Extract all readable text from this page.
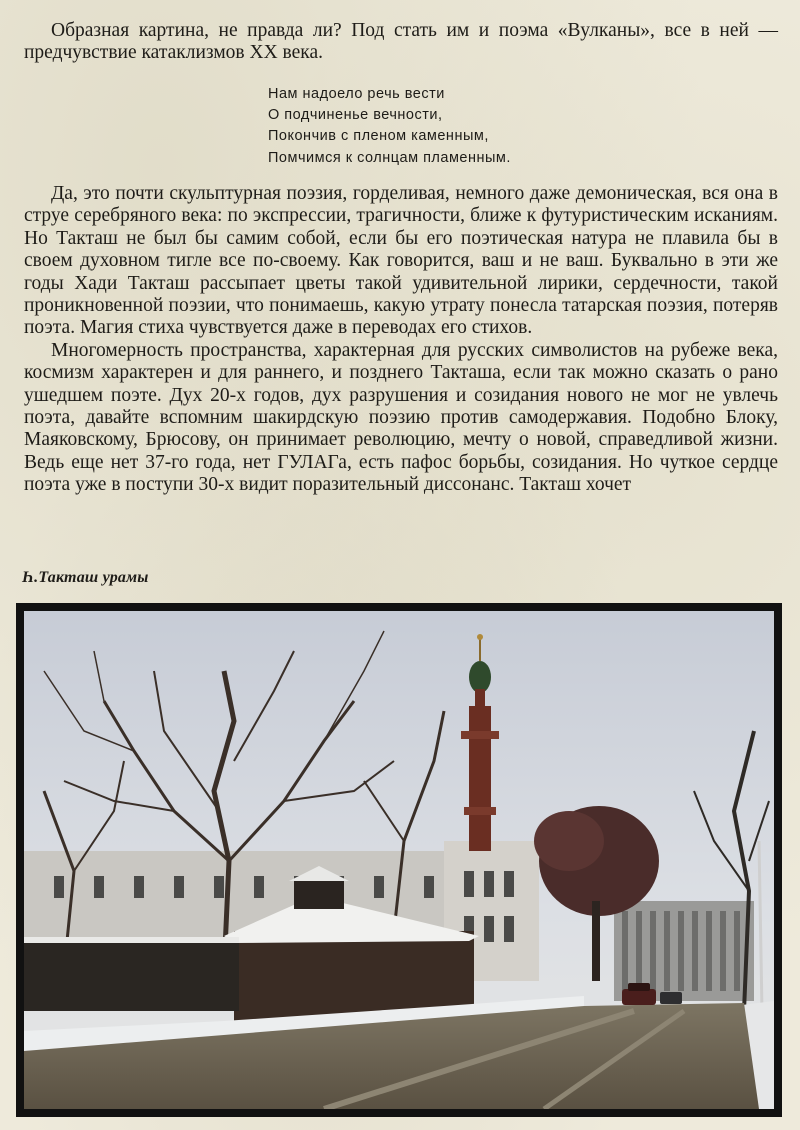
Образная картина, не правда ли? Под стать им и поэма «Вулканы», все в ней — предчувствие катаклизмов XX века.

Нам надоело речь вести
О подчиненье вечности,
Покончив с пленом каменным,
Помчимся к солнцам пламенным.

Да, это почти скульптурная поэзия, горделивая, немного даже демоническая, вся она в струе серебряного века: по экспрессии, трагичности, ближе к футуристическим исканиям. Но Такташ не был бы самим собой, если бы его поэтическая натура не плавила бы в своем духовном тигле все по-своему. Как говорится, ваш и не ваш. Буквально в эти же годы Хади Такташ рассыпает цветы такой удивительной лирики, сердечности, такой проникновенной поэзии, что понимаешь, какую утрату понесла татарская поэзия, потеряв поэта. Магия стиха чувствуется даже в переводах его стихов.

Многомерность пространства, характерная для русских символистов на рубеже века, космизм характерен и для раннего, и позднего Такташа, если так можно сказать о рано ушедшем поэте. Дух 20-х годов, дух разрушения и созидания нового не мог не увлечь поэта, давайте вспомним шакирдскую поэзию против самодержавия. Подобно Блоку, Маяковскому, Брюсову, он принимает революцию, мечту о новой, справедливой жизни. Ведь еще нет 37-го года, нет ГУЛАГа, есть пафос борьбы, созидания. Но чуткое сердце поэта уже в поступи 30-х видит поразительный диссонанс. Такташ хочет

Һ.Такташ урамы
